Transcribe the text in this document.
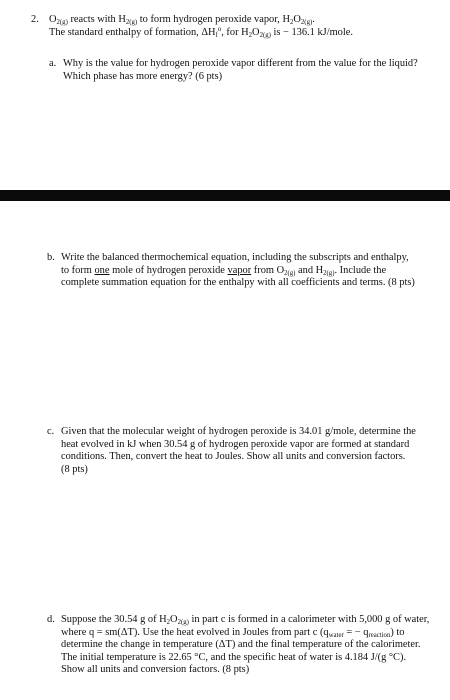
2. $O_{2(g)}$ reacts with $H_{2(g)}$ to form hydrogen peroxide vapor, $H_2O_{2(g)}$.
The standard enthalpy of formation, $\Delta H_f^o$, for $H_2O_{2(g)}$ is − 136.1 kJ/mole.
a. Why is the value for hydrogen peroxide vapor different from the value for the liquid?
Which phase has more energy? (6 pts)
b. Write the balanced thermochemical equation, including the subscripts and enthalpy,
to form one mole of hydrogen peroxide vapor from $O_{2(g)}$ and $H_{2(g)}$. Include the
complete summation equation for the enthalpy with all coefficients and terms. (8 pts)
c. Given that the molecular weight of hydrogen peroxide is 34.01 g/mole, determine the
heat evolved in kJ when 30.54 g of hydrogen peroxide vapor are formed at standard
conditions. Then, convert the heat to Joules. Show all units and conversion factors.
(8 pts)
d. Suppose the 30.54 g of $H_2O_{2(g)}$ in part c is formed in a calorimeter with 5,000 g of water,
where q = sm(ΔT). Use the heat evolved in Joules from part c ($q_{water}$ = − $q_{reaction}$) to
determine the change in temperature (ΔT) and the final temperature of the calorimeter.
The initial temperature is 22.65 °C, and the specific heat of water is 4.184 J/(g °C).
Show all units and conversion factors. (8 pts)
